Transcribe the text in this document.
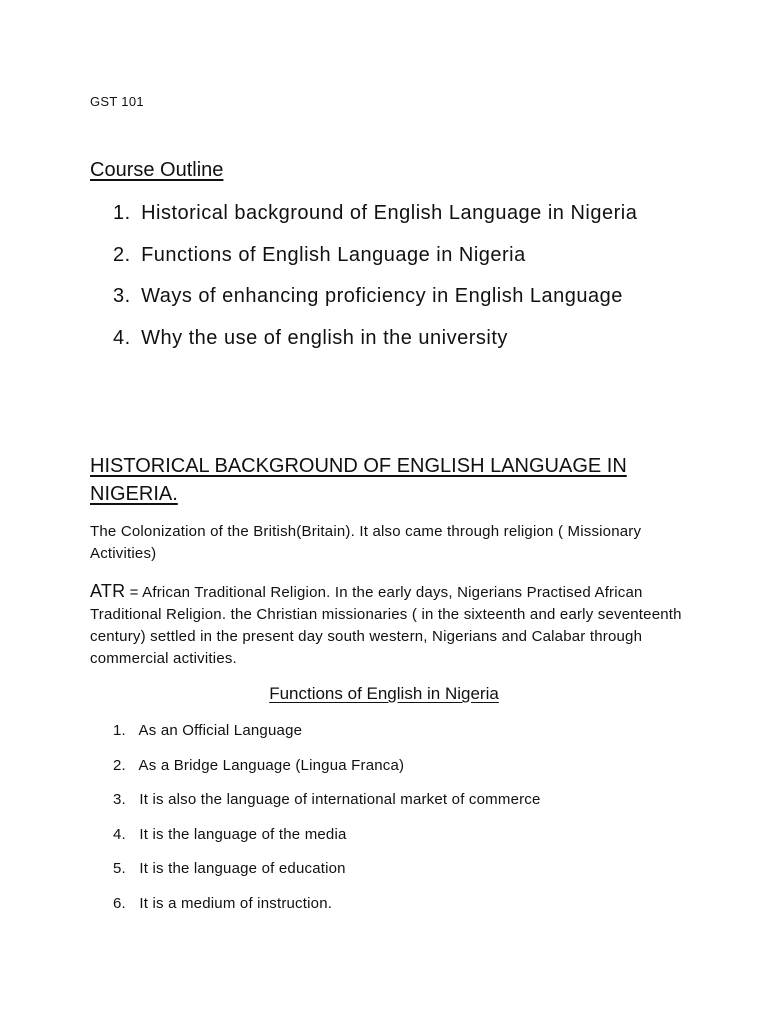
GST 101
Course Outline
1. Historical background of English Language in Nigeria
2. Functions of English Language in Nigeria
3. Ways of enhancing proficiency in English Language
4. Why the use of english in the university
HISTORICAL BACKGROUND OF ENGLISH LANGUAGE IN NIGERIA.
The Colonization of the British(Britain). It also came through religion ( Missionary Activities)
ATR = African Traditional Religion. In the early days, Nigerians Practised African Traditional Religion. the Christian missionaries ( in the sixteenth and early seventeenth century) settled in the present day south western, Nigerians and Calabar through commercial activities.
Functions of English in Nigeria
1. As an Official Language
2. As a Bridge Language (Lingua Franca)
3. It is also the language of international market of commerce
4. It is the language of the media
5. It is the language of education
6. It is a medium of instruction.
